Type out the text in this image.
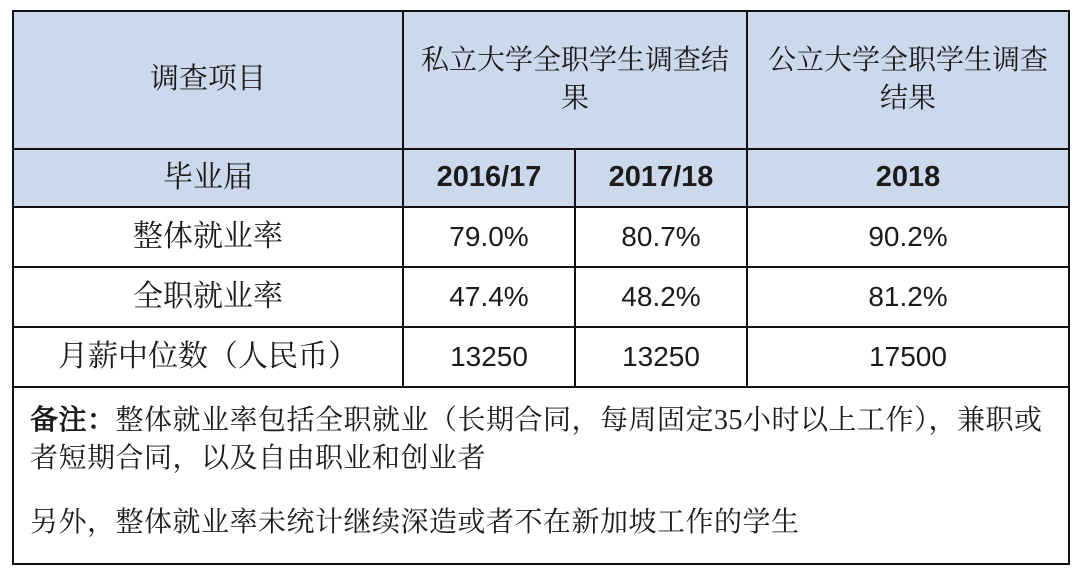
调查项目	私立大学全职学生调查结果		公立大学全职学生调查结果
毕业届	2016/17	2017/18	2018
整体就业率	79.0%	80.7%	90.2%
全职就业率	47.4%	48.2%	81.2%
月薪中位数（人民币）	13250	13250	17500

备注：整体就业率包括全职就业（长期合同，每周固定35小时以上工作），兼职或者短期合同，以及自由职业和创业者
另外，整体就业率未统计继续深造或者不在新加坡工作的学生			
